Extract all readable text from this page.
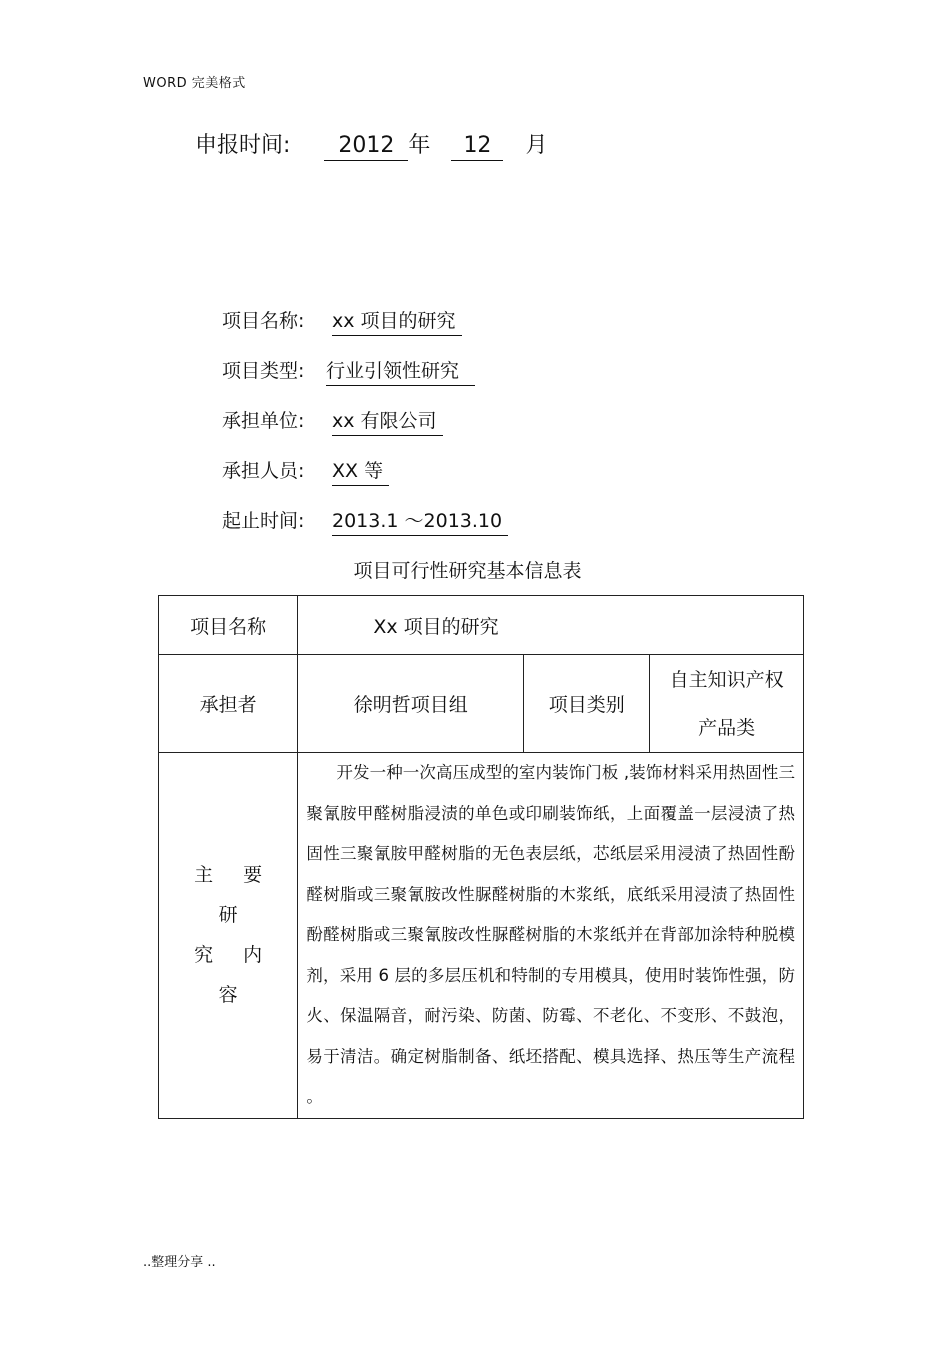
WORD 完美格式
申报时间: 2012 年 12 月
项目名称: xx 项目的研究
项目类型: 行业引领性研究
承担单位: xx 有限公司
承担人员: XX 等
起止时间: 2013.1 ～2013.10
项目可行性研究基本信息表
项目名称	Xx 项目的研究		
承担者	徐明哲项目组	项目类别	自主知识产权
产品类

主 要 研
究 内 容	开发一种一次高压成型的室内装饰门板 ,装饰材料采用热固性三聚氰胺甲醛树脂浸渍的单色或印刷装饰纸，上面覆盖一层浸渍了热固性三聚氰胺甲醛树脂的无色表层纸，芯纸层采用浸渍了热固性酚醛树脂或三聚氰胺改性脲醛树脂的木浆纸，底纸采用浸渍了热固性酚醛树脂或三聚氰胺改性脲醛树脂的木浆纸并在背部加涂特种脱模剂，采用 6 层的多层压机和特制的专用模具，使用时装饰性强，防火、保温隔音，耐污染、防菌、防霉、不老化、不变形、不鼓泡，易于清洁。确定树脂制备、纸坯搭配、模具选择、热压等生产流程 。		
..整理分享 ..
